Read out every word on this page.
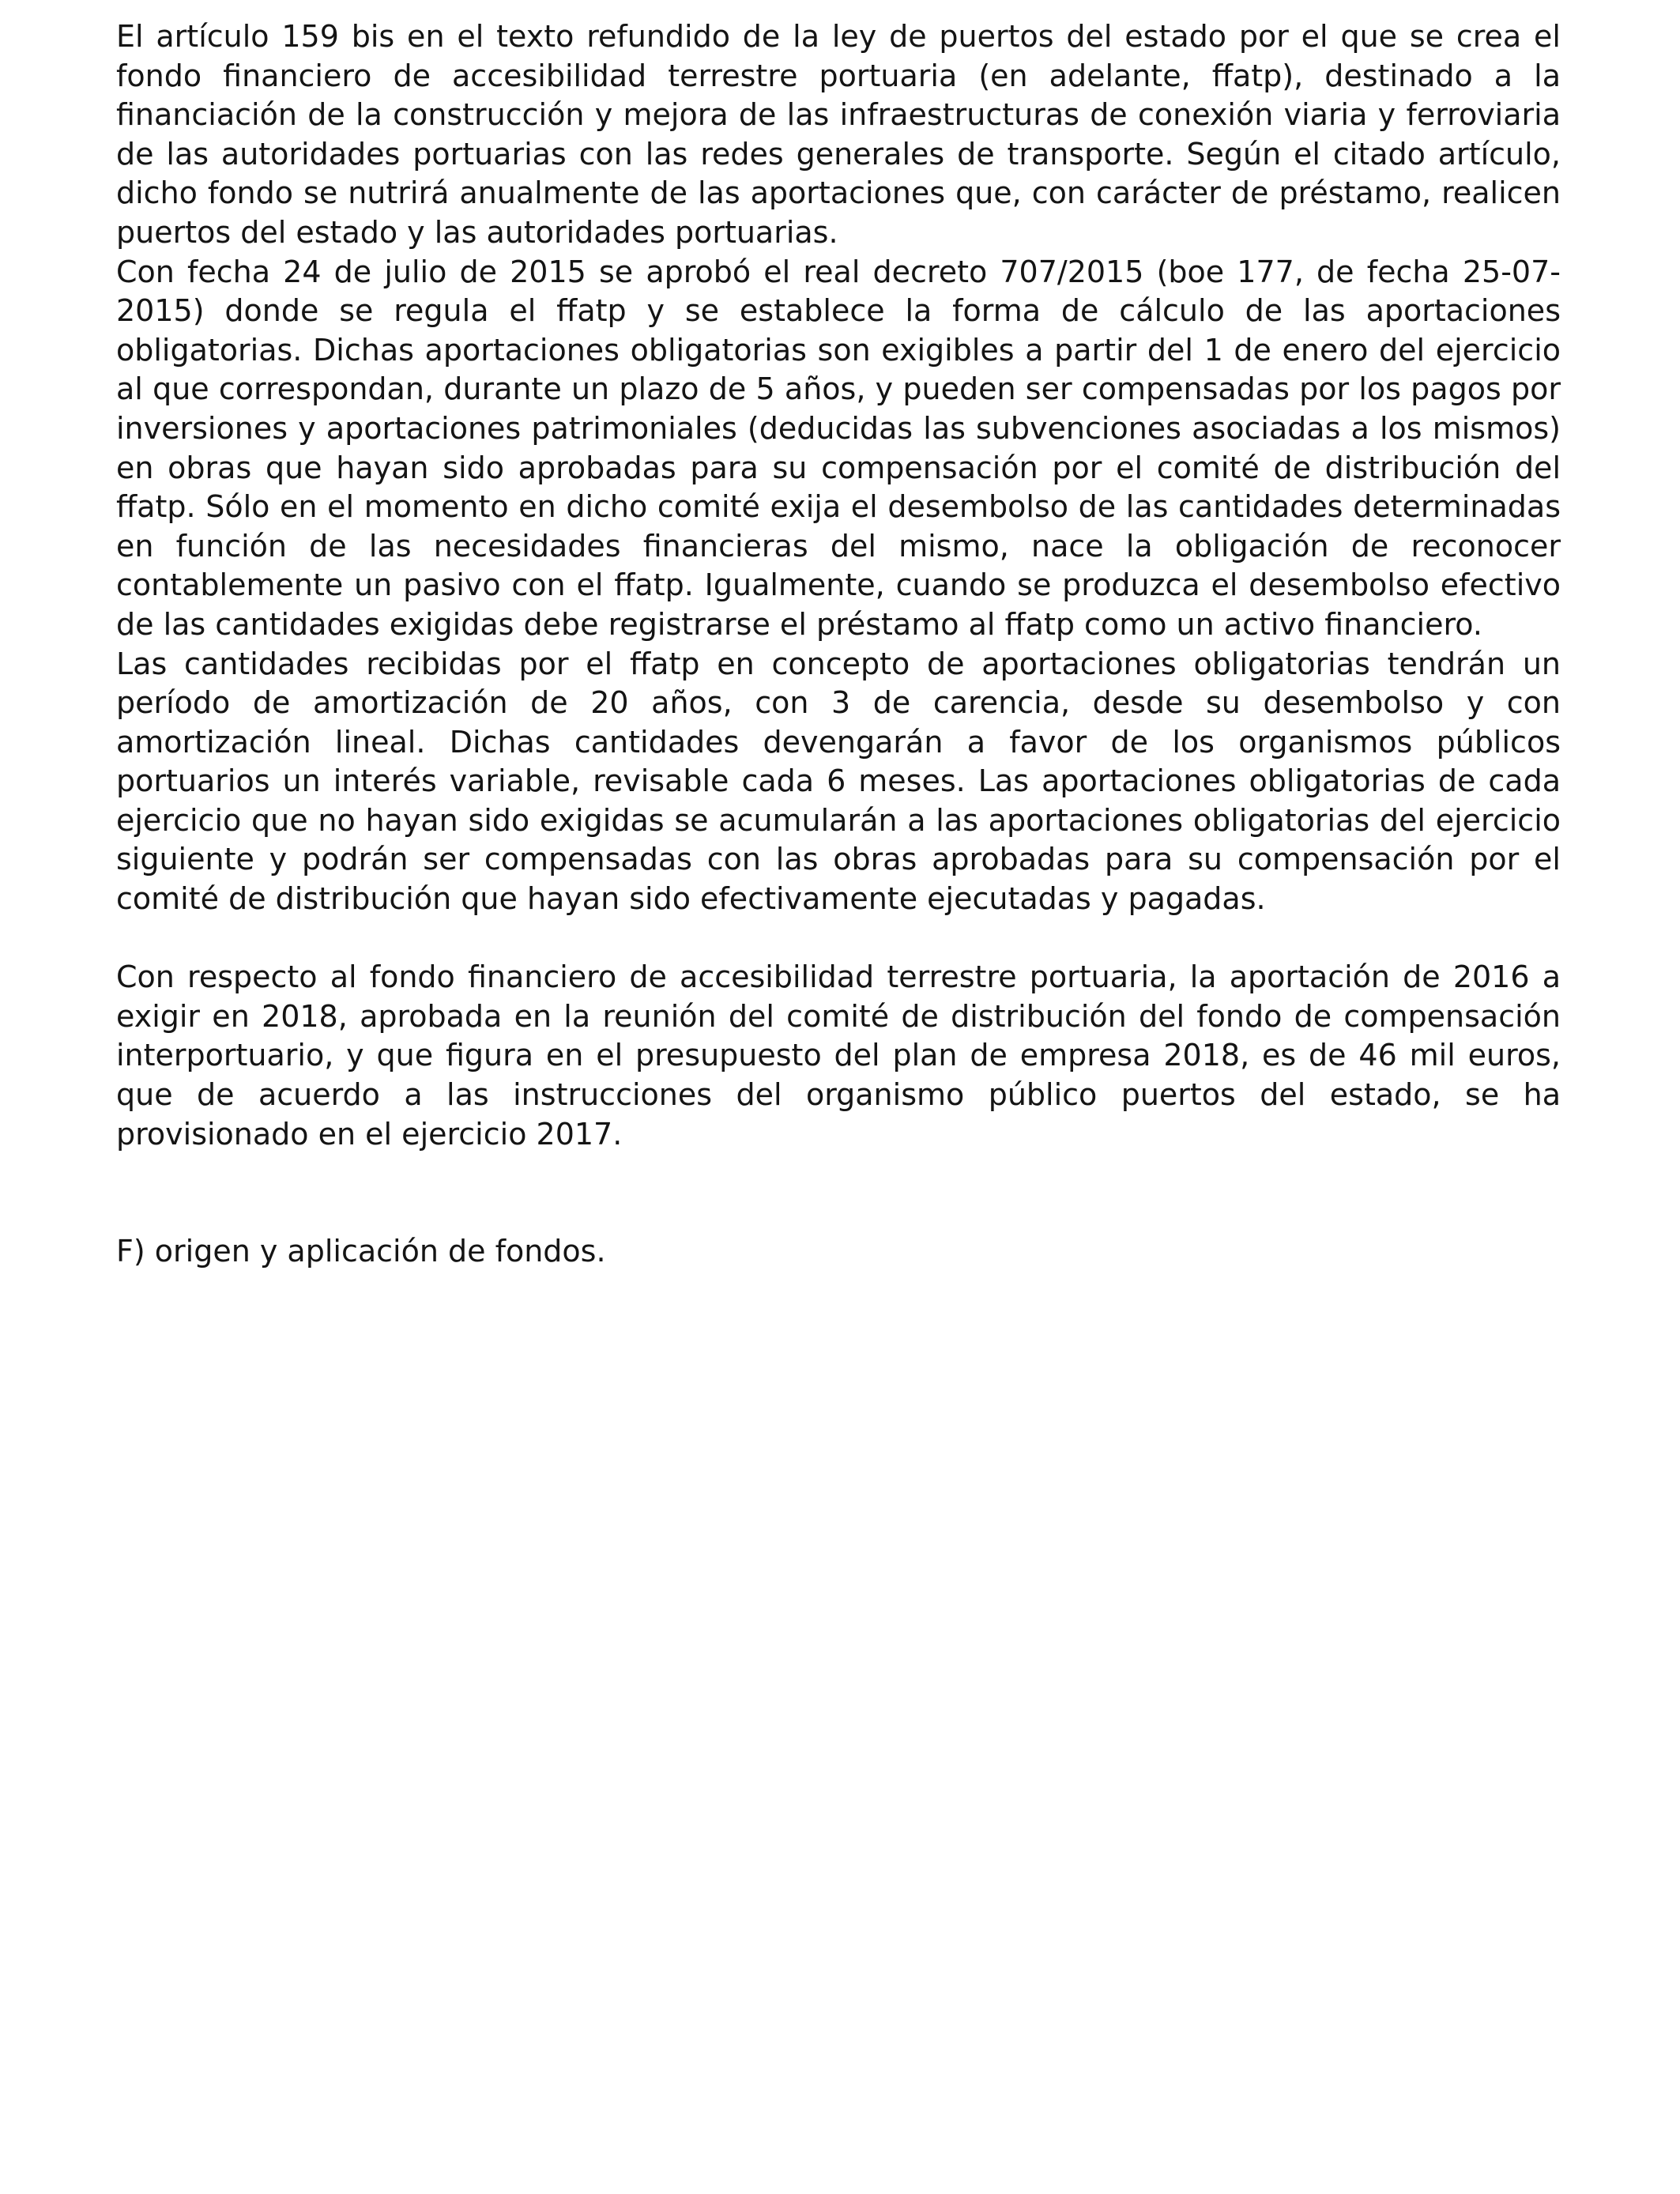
El artículo 159 bis en el texto refundido de la ley de puertos del estado por el que se crea el fondo financiero de accesibilidad terrestre portuaria (en adelante, ffatp), destinado a la financiación de la construcción y mejora de las infraestructuras de conexión viaria y ferroviaria de las autoridades portuarias con las redes generales de transporte. Según el citado artículo, dicho fondo se nutrirá anualmente de las aportaciones que, con carácter de préstamo, realicen puertos del estado y las autoridades portuarias.

Con fecha 24 de julio de 2015 se aprobó el real decreto 707/2015 (boe 177, de fecha 25-07-2015) donde se regula el ffatp y se establece la forma de cálculo de las aportaciones obligatorias. Dichas aportaciones obligatorias son exigibles a partir del 1 de enero del ejercicio al que correspondan, durante un plazo de 5 años, y pueden ser compensadas por los pagos por inversiones y aportaciones patrimoniales (deducidas las subvenciones asociadas a los mismos) en obras que hayan sido aprobadas para su compensación por el comité de distribución del ffatp. Sólo en el momento en dicho comité exija el desembolso de las cantidades determinadas en función de las necesidades financieras del mismo, nace la obligación de reconocer contablemente un pasivo con el ffatp. Igualmente, cuando se produzca el desembolso efectivo de las cantidades exigidas debe registrarse el préstamo al ffatp como un activo financiero.

Las cantidades recibidas por el ffatp en concepto de aportaciones obligatorias tendrán un período de amortización de 20 años, con 3 de carencia, desde su desembolso y con amortización lineal. Dichas cantidades devengarán a favor de los organismos públicos portuarios un interés variable, revisable cada 6 meses. Las aportaciones obligatorias de cada ejercicio que no hayan sido exigidas se acumularán a las aportaciones obligatorias del ejercicio siguiente y podrán ser compensadas con las obras aprobadas para su compensación por el comité de distribución que hayan sido efectivamente ejecutadas y pagadas.

Con respecto al fondo financiero de accesibilidad terrestre portuaria, la aportación de 2016 a exigir en 2018, aprobada en la reunión del comité de distribución del fondo de compensación interportuario, y que figura en el presupuesto del plan de empresa 2018, es de 46 mil euros, que de acuerdo a las instrucciones del organismo público puertos del estado, se ha provisionado en el ejercicio 2017.

F) origen y aplicación de fondos.
